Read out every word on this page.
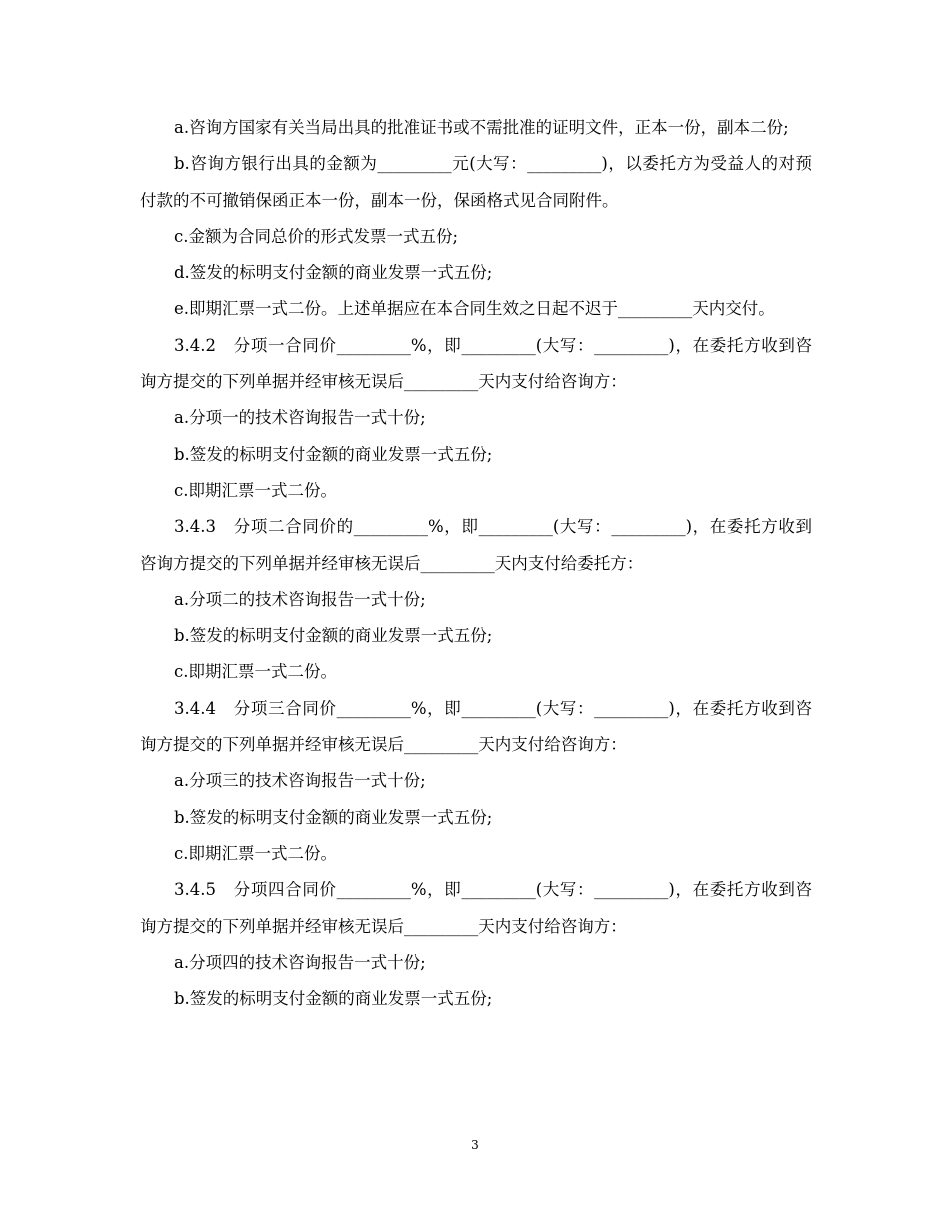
a.咨询方国家有关当局出具的批准证书或不需批准的证明文件，正本一份，副本二份;

b.咨询方银行出具的金额为_________元(大写：_________)，以委托方为受益人的对预付款的不可撤销保函正本一份，副本一份，保函格式见合同附件。

c.金额为合同总价的形式发票一式五份;

d.签发的标明支付金额的商业发票一式五份;

e.即期汇票一式二份。上述单据应在本合同生效之日起不迟于_________天内交付。

3.4.2　分项一合同价_________%，即_________(大写：_________)，在委托方收到咨询方提交的下列单据并经审核无误后_________天内支付给咨询方：

a.分项一的技术咨询报告一式十份;

b.签发的标明支付金额的商业发票一式五份;

c.即期汇票一式二份。

3.4.3　分项二合同价的_________%，即_________(大写：_________)，在委托方收到咨询方提交的下列单据并经审核无误后_________天内支付给委托方：

a.分项二的技术咨询报告一式十份;

b.签发的标明支付金额的商业发票一式五份;

c.即期汇票一式二份。

3.4.4　分项三合同价_________%，即_________(大写：_________)，在委托方收到咨询方提交的下列单据并经审核无误后_________天内支付给咨询方：

a.分项三的技术咨询报告一式十份;

b.签发的标明支付金额的商业发票一式五份;

c.即期汇票一式二份。

3.4.5　分项四合同价_________%，即_________(大写：_________)，在委托方收到咨询方提交的下列单据并经审核无误后_________天内支付给咨询方：

a.分项四的技术咨询报告一式十份;

b.签发的标明支付金额的商业发票一式五份;

3
